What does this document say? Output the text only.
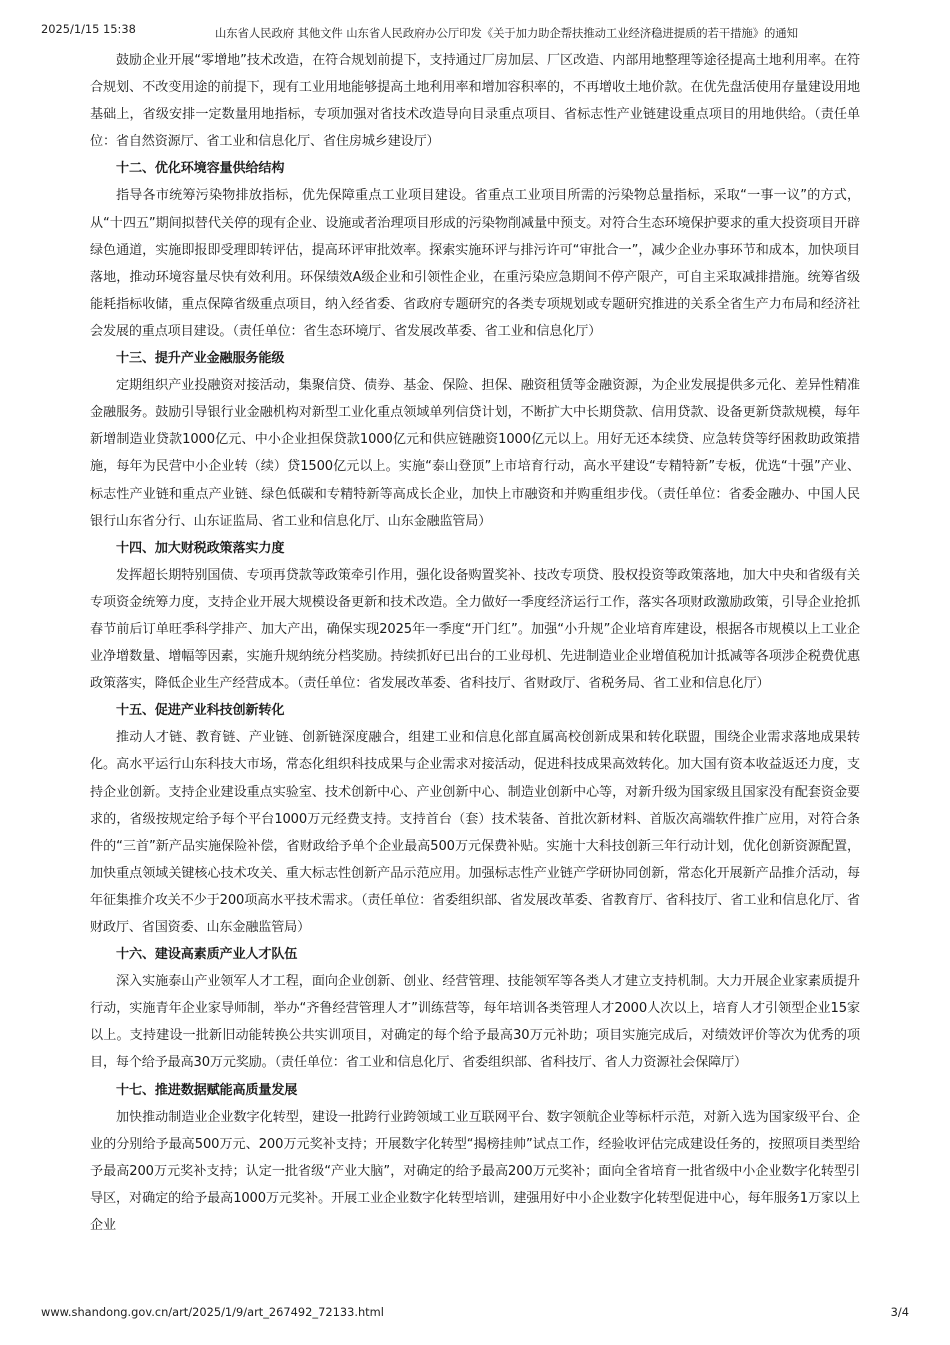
2025/1/15 15:38	山东省人民政府 其他文件 山东省人民政府办公厅印发《关于加力助企帮扶推动工业经济稳进提质的若干措施》的通知

鼓励企业开展“零增地”技术改造，在符合规划前提下，支持通过厂房加层、厂区改造、内部用地整理等途径提高土地利用率。在符合规划、不改变用途的前提下，现有工业用地能够提高土地利用率和增加容积率的，不再增收土地价款。在优先盘活使用存量建设用地基础上，省级安排一定数量用地指标，专项加强对省技术改造导向目录重点项目、省标志性产业链建设重点项目的用地供给。（责任单位：省自然资源厅、省工业和信息化厅、省住房城乡建设厅）

十二、优化环境容量供给结构

指导各市统筹污染物排放指标，优先保障重点工业项目建设。省重点工业项目所需的污染物总量指标，采取“一事一议”的方式，从“十四五”期间拟替代关停的现有企业、设施或者治理项目形成的污染物削减量中预支。对符合生态环境保护要求的重大投资项目开辟绿色通道，实施即报即受理即转评估，提高环评审批效率。探索实施环评与排污许可“审批合一”，减少企业办事环节和成本，加快项目落地，推动环境容量尽快有效利用。环保绩效A级企业和引领性企业，在重污染应急期间不停产限产，可自主采取减排措施。统筹省级能耗指标收储，重点保障省级重点项目，纳入经省委、省政府专题研究的各类专项规划或专题研究推进的关系全省生产力布局和经济社会发展的重点项目建设。（责任单位：省生态环境厅、省发展改革委、省工业和信息化厅）

十三、提升产业金融服务能级

定期组织产业投融资对接活动，集聚信贷、债券、基金、保险、担保、融资租赁等金融资源，为企业发展提供多元化、差异性精准金融服务。鼓励引导银行业金融机构对新型工业化重点领域单列信贷计划，不断扩大中长期贷款、信用贷款、设备更新贷款规模，每年新增制造业贷款1000亿元、中小企业担保贷款1000亿元和供应链融资1000亿元以上。用好无还本续贷、应急转贷等纾困救助政策措施，每年为民营中小企业转（续）贷1500亿元以上。实施“泰山登顶”上市培育行动，高水平建设“专精特新”专板，优选“十强”产业、标志性产业链和重点产业链、绿色低碳和专精特新等高成长企业，加快上市融资和并购重组步伐。（责任单位：省委金融办、中国人民银行山东省分行、山东证监局、省工业和信息化厅、山东金融监管局）

十四、加大财税政策落实力度

发挥超长期特别国债、专项再贷款等政策牵引作用，强化设备购置奖补、技改专项贷、股权投资等政策落地，加大中央和省级有关专项资金统筹力度，支持企业开展大规模设备更新和技术改造。全力做好一季度经济运行工作，落实各项财政激励政策，引导企业抢抓春节前后订单旺季科学排产、加大产出，确保实现2025年一季度“开门红”。加强“小升规”企业培育库建设，根据各市规模以上工业企业净增数量、增幅等因素，实施升规纳统分档奖励。持续抓好已出台的工业母机、先进制造业企业增值税加计抵减等各项涉企税费优惠政策落实，降低企业生产经营成本。（责任单位：省发展改革委、省科技厅、省财政厅、省税务局、省工业和信息化厅）

十五、促进产业科技创新转化

推动人才链、教育链、产业链、创新链深度融合，组建工业和信息化部直属高校创新成果和转化联盟，围绕企业需求落地成果转化。高水平运行山东科技大市场，常态化组织科技成果与企业需求对接活动，促进科技成果高效转化。加大国有资本收益返还力度，支持企业创新。支持企业建设重点实验室、技术创新中心、产业创新中心、制造业创新中心等，对新升级为国家级且国家没有配套资金要求的，省级按规定给予每个平台1000万元经费支持。支持首台（套）技术装备、首批次新材料、首版次高端软件推广应用，对符合条件的“三首”新产品实施保险补偿，省财政给予单个企业最高500万元保费补贴。实施十大科技创新三年行动计划，优化创新资源配置，加快重点领域关键核心技术攻关、重大标志性创新产品示范应用。加强标志性产业链产学研协同创新，常态化开展新产品推介活动，每年征集推介攻关不少于200项高水平技术需求。（责任单位：省委组织部、省发展改革委、省教育厅、省科技厅、省工业和信息化厅、省财政厅、省国资委、山东金融监管局）

十六、建设高素质产业人才队伍

深入实施泰山产业领军人才工程，面向企业创新、创业、经营管理、技能领军等各类人才建立支持机制。大力开展企业家素质提升行动，实施青年企业家导师制，举办“齐鲁经营管理人才”训练营等，每年培训各类管理人才2000人次以上，培育人才引领型企业15家以上。支持建设一批新旧动能转换公共实训项目，对确定的每个给予最高30万元补助；项目实施完成后，对绩效评价等次为优秀的项目，每个给予最高30万元奖励。（责任单位：省工业和信息化厅、省委组织部、省科技厅、省人力资源社会保障厅）

十七、推进数据赋能高质量发展

加快推动制造业企业数字化转型，建设一批跨行业跨领域工业互联网平台、数字领航企业等标杆示范，对新入选为国家级平台、企业的分别给予最高500万元、200万元奖补支持；开展数字化转型“揭榜挂帅”试点工作，经验收评估完成建设任务的，按照项目类型给予最高200万元奖补支持；认定一批省级“产业大脑”，对确定的给予最高200万元奖补；面向全省培育一批省级中小企业数字化转型引导区，对确定的给予最高1000万元奖补。开展工业企业数字化转型培训，建强用好中小企业数字化转型促进中心，每年服务1万家以上企业

www.shandong.gov.cn/art/2025/1/9/art_267492_72133.html	3/4
